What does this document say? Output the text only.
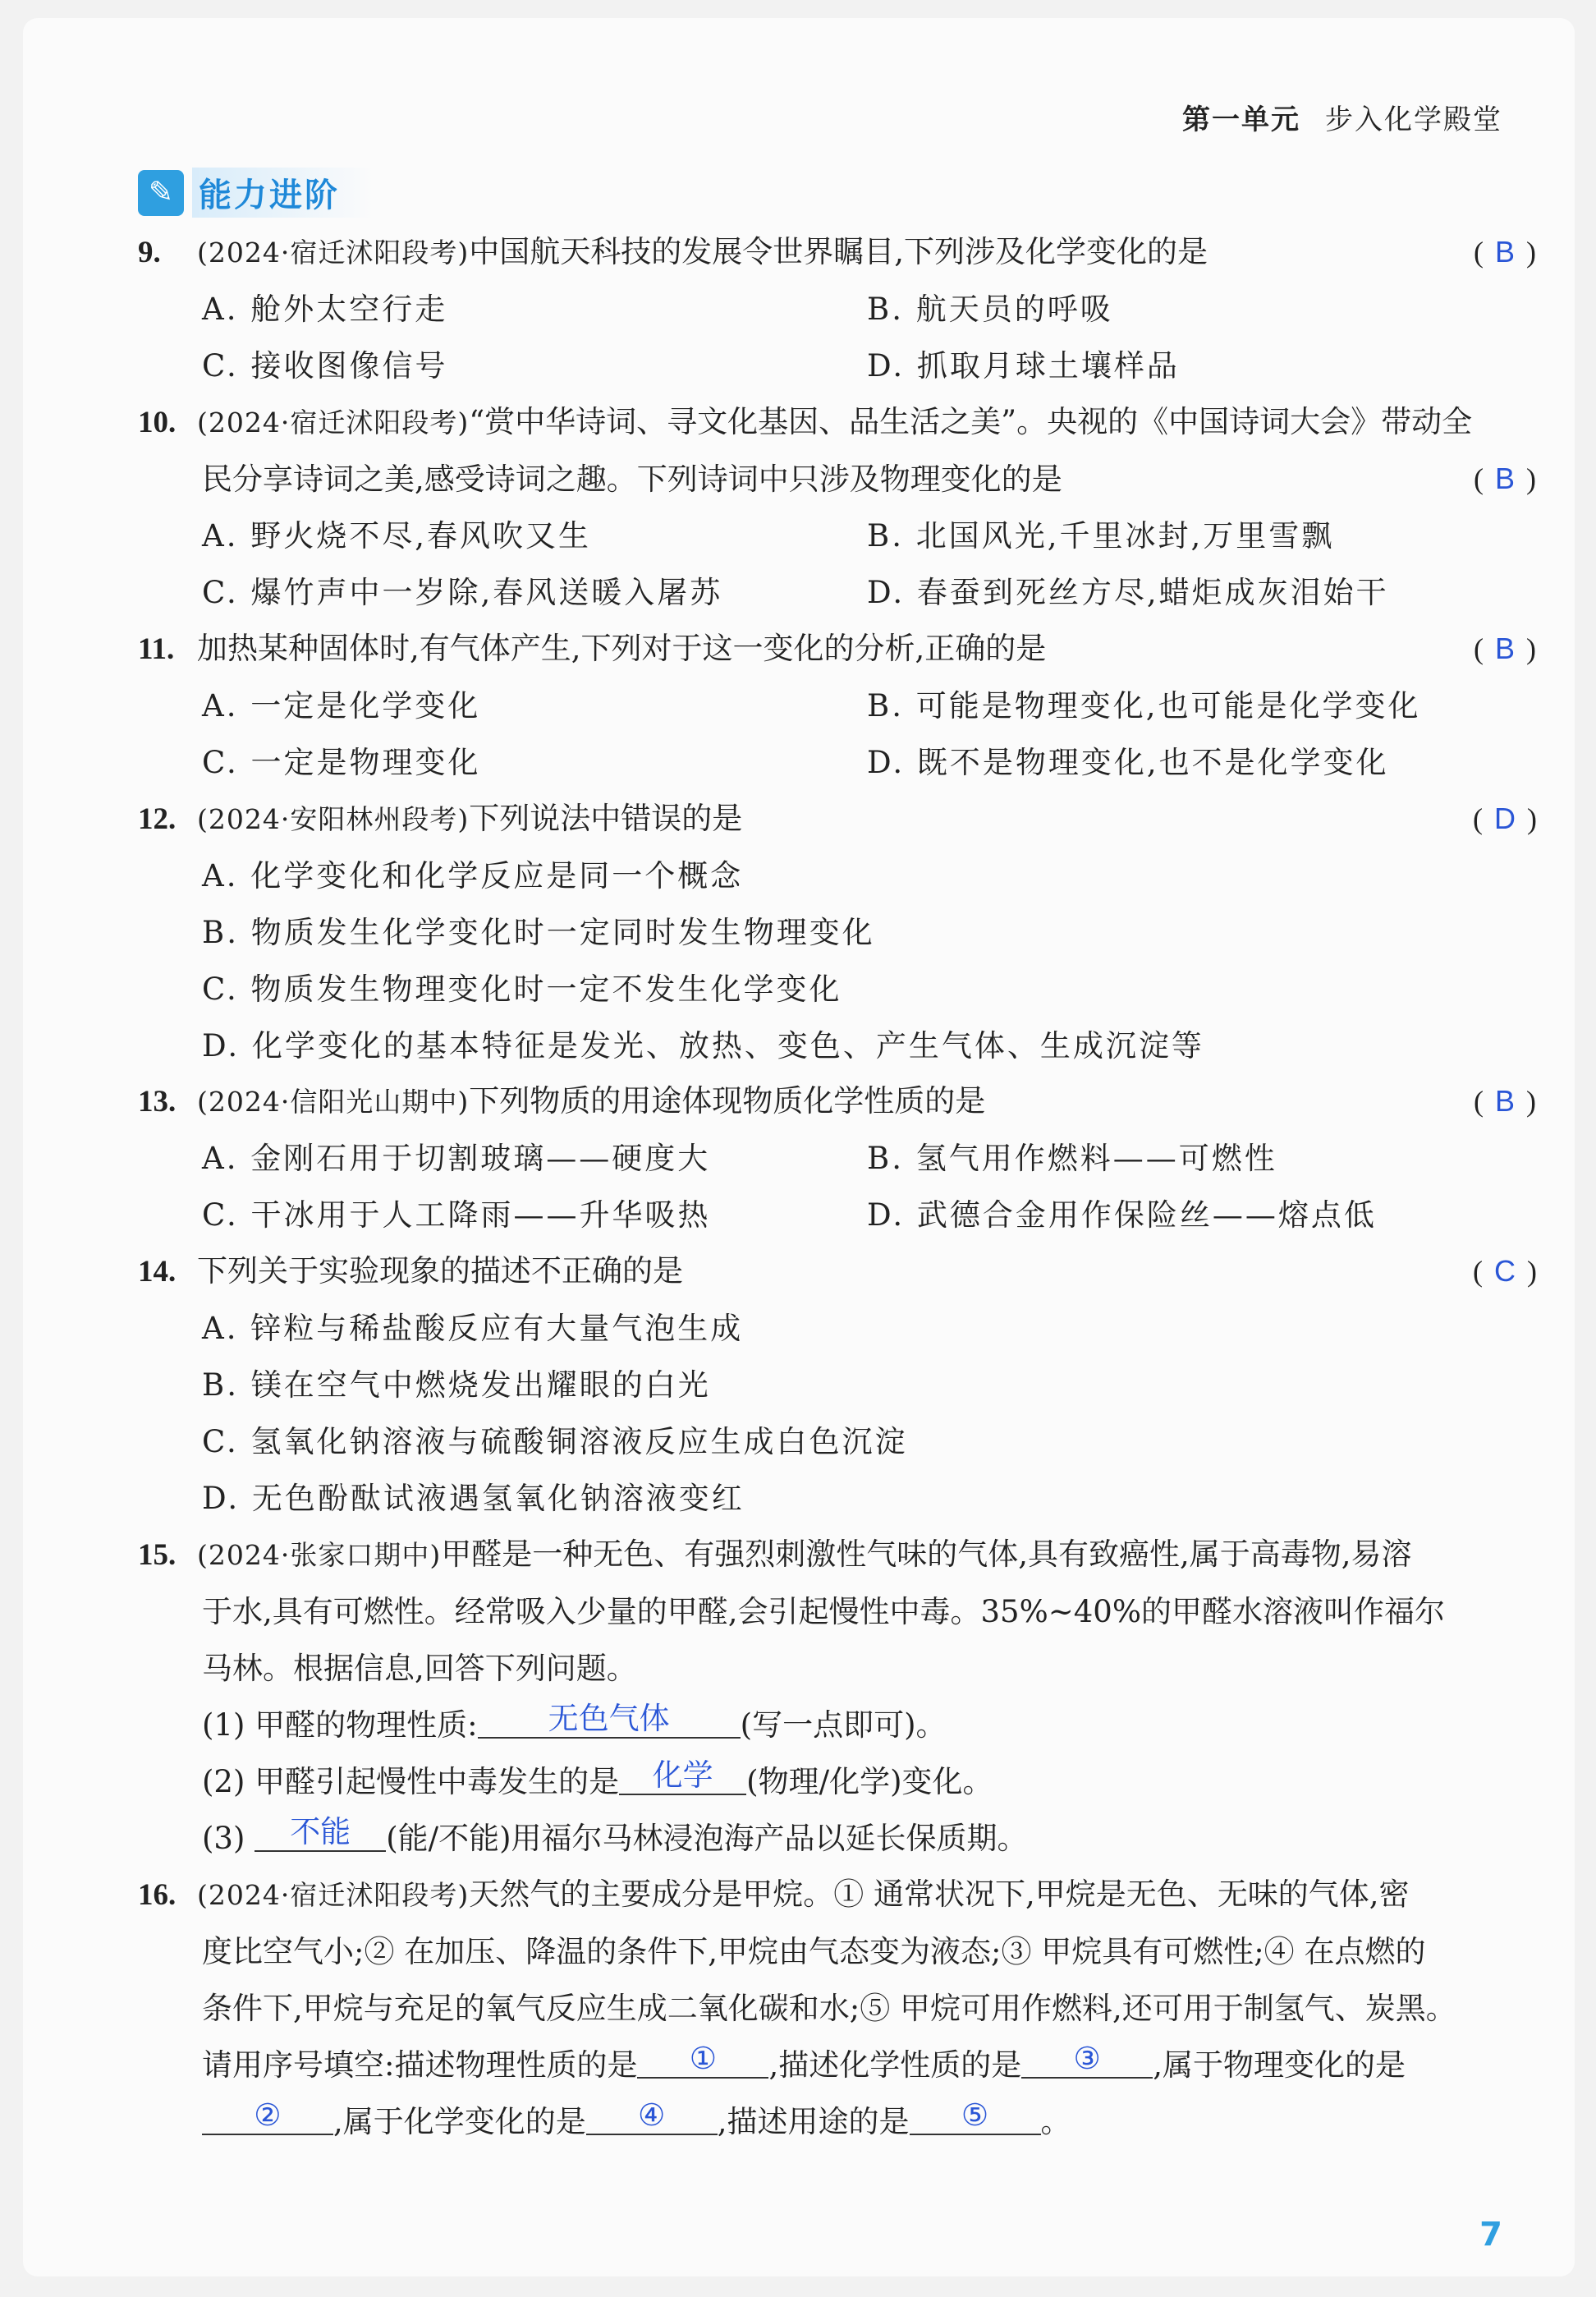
第一单元 步入化学殿堂
✎ 能力进阶
9. (2024·宿迁沭阳段考)中国航天科技的发展令世界瞩目,下列涉及化学变化的是	( B )
A. 舱外太空行走	B. 航天员的呼吸
C. 接收图像信号	D. 抓取月球土壤样品
10. (2024·宿迁沭阳段考)“赏中华诗词、寻文化基因、品生活之美”。央视的《中国诗词大会》带动全
民分享诗词之美,感受诗词之趣。下列诗词中只涉及物理变化的是	( B )
A. 野火烧不尽,春风吹又生	B. 北国风光,千里冰封,万里雪飘
C. 爆竹声中一岁除,春风送暖入屠苏	D. 春蚕到死丝方尽,蜡炬成灰泪始干
11. 加热某种固体时,有气体产生,下列对于这一变化的分析,正确的是	( B )
A. 一定是化学变化	B. 可能是物理变化,也可能是化学变化
C. 一定是物理变化	D. 既不是物理变化,也不是化学变化
12. (2024·安阳林州段考)下列说法中错误的是	( D )
A. 化学变化和化学反应是同一个概念
B. 物质发生化学变化时一定同时发生物理变化
C. 物质发生物理变化时一定不发生化学变化
D. 化学变化的基本特征是发光、放热、变色、产生气体、生成沉淀等
13. (2024·信阳光山期中)下列物质的用途体现物质化学性质的是	( B )
A. 金刚石用于切割玻璃——硬度大	B. 氢气用作燃料——可燃性
C. 干冰用于人工降雨——升华吸热	D. 武德合金用作保险丝——熔点低
14. 下列关于实验现象的描述不正确的是	( C )
A. 锌粒与稀盐酸反应有大量气泡生成
B. 镁在空气中燃烧发出耀眼的白光
C. 氢氧化钠溶液与硫酸铜溶液反应生成白色沉淀
D. 无色酚酞试液遇氢氧化钠溶液变红
15. (2024·张家口期中)甲醛是一种无色、有强烈刺激性气味的气体,具有致癌性,属于高毒物,易溶
于水,具有可燃性。经常吸入少量的甲醛,会引起慢性中毒。35%~40%的甲醛水溶液叫作福尔
马林。根据信息,回答下列问题。
(1) 甲醛的物理性质: 无色气体 (写一点即可)。
(2) 甲醛引起慢性中毒发生的是 化学 (物理/化学)变化。
(3) 不能 (能/不能)用福尔马林浸泡海产品以延长保质期。
16. (2024·宿迁沭阳段考)天然气的主要成分是甲烷。① 通常状况下,甲烷是无色、无味的气体,密
度比空气小;② 在加压、降温的条件下,甲烷由气态变为液态;③ 甲烷具有可燃性;④ 在点燃的
条件下,甲烷与充足的氧气反应生成二氧化碳和水;⑤ 甲烷可用作燃料,还可用于制氢气、炭黑。
请用序号填空:描述物理性质的是 ① ,描述化学性质的是 ③ ,属于物理变化的是
② ,属于化学变化的是 ④ ,描述用途的是 ⑤ 。
7
